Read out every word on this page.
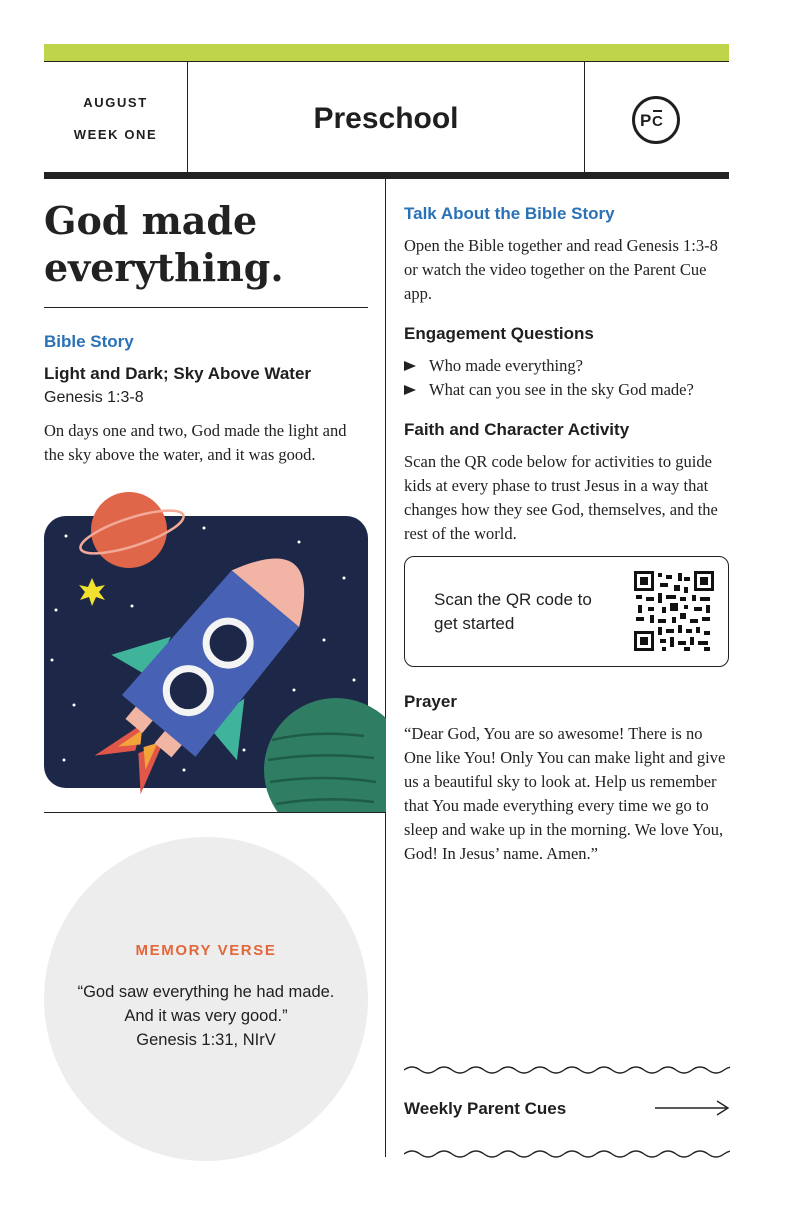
AUGUST
WEEK ONE	Preschool	P C
God made everything.
Bible Story
Light and Dark; Sky Above Water
Genesis 1:3-8
On days one and two, God made the light and the sky above the water, and it was good.
MEMORY VERSE
“God saw everything he had made. And it was very good.”
Genesis 1:31, NIrV
Talk About the Bible Story
Open the Bible together and read Genesis 1:3-8 or watch the video together on the Parent Cue app.
Engagement Questions
Who made everything?
What can you see in the sky God made?
Faith and Character Activity
Scan the QR code below for activities to guide kids at every phase to trust Jesus in a way that changes how they see God, themselves, and the rest of the world.
Scan the QR code to get started
Prayer
“Dear God, You are so awesome! There is no One like You! Only You can make light and give us a beautiful sky to look at. Help us remember that You made everything every time we go to sleep and wake up in the morning. We love You, God! In Jesus’ name. Amen.”
Weekly Parent Cues
